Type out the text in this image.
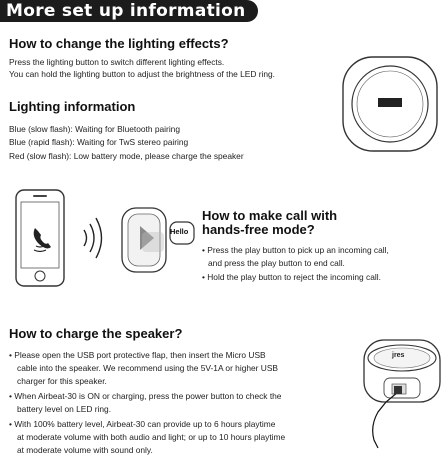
More set up information
How to change the lighting effects?
Press the lighting button to switch different lighting effects.
You can hold the lighting button to adjust the brightness of the LED ring.
Lighting information
Blue (slow flash): Waiting for Bluetooth pairing
Blue (rapid flash): Waiting for TwS stereo pairing
Red (slow flash): Low battery mode, please charge the speaker
Hello
How to make call with
hands-free mode?
• Press the play button to pick up an incoming call,
and press the play button to end call.
• Hold the play button to reject the incoming call.
How to charge the speaker?
• Please open the USB port protective flap, then insert the Micro USB
cable into the speaker. We recommend using the 5V-1A or higher USB
charger for this speaker.
• When Airbeat-30 is ON or charging, press the power button to check the
battery level on LED ring.
• With 100% battery level, Airbeat-30 can provide up to 6 hours playtime
at moderate volume with both audio and light; or up to 10 hours playtime
at moderate volume with sound only.
jres
